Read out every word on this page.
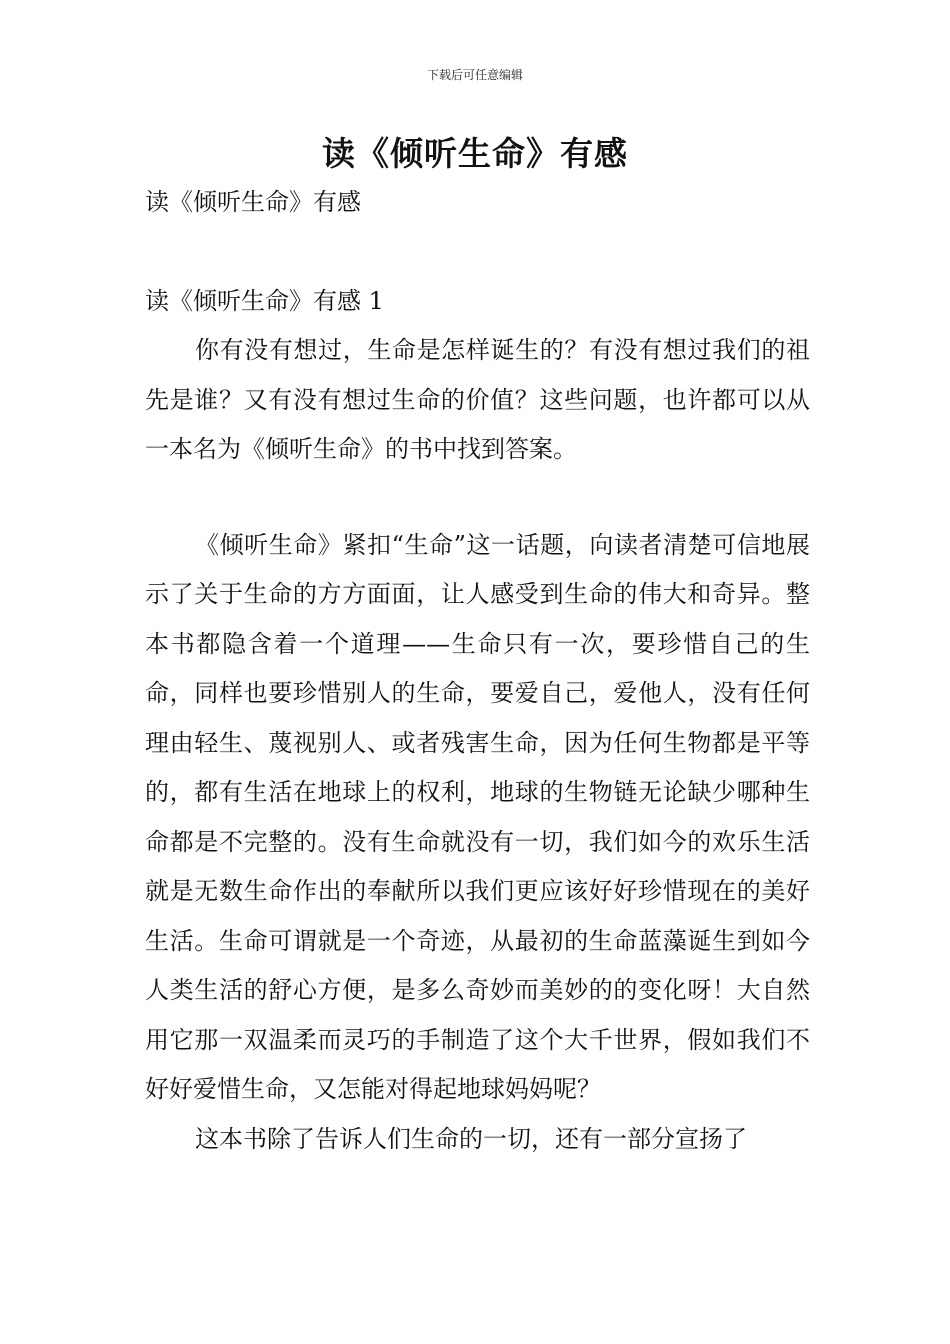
下载后可任意编辑
读《倾听生命》有感

读《倾听生命》有感

读《倾听生命》有感 1

你有没有想过，生命是怎样诞生的？有没有想过我们的祖先是谁？又有没有想过生命的价值？这些问题，也许都可以从一本名为《倾听生命》的书中找到答案。

《倾听生命》紧扣“生命”这一话题，向读者清楚可信地展示了关于生命的方方面面，让人感受到生命的伟大和奇异。整本书都隐含着一个道理——生命只有一次，要珍惜自己的生命，同样也要珍惜别人的生命，要爱自己，爱他人，没有任何理由轻生、蔑视别人、或者残害生命，因为任何生物都是平等的，都有生活在地球上的权利，地球的生物链无论缺少哪种生命都是不完整的。没有生命就没有一切，我们如今的欢乐生活就是无数生命作出的奉献所以我们更应该好好珍惜现在的美好生活。生命可谓就是一个奇迹，从最初的生命蓝藻诞生到如今人类生活的舒心方便，是多么奇妙而美妙的的变化呀！大自然用它那一双温柔而灵巧的手制造了这个大千世界，假如我们不好好爱惜生命，又怎能对得起地球妈妈呢？

这本书除了告诉人们生命的一切，还有一部分宣扬了
